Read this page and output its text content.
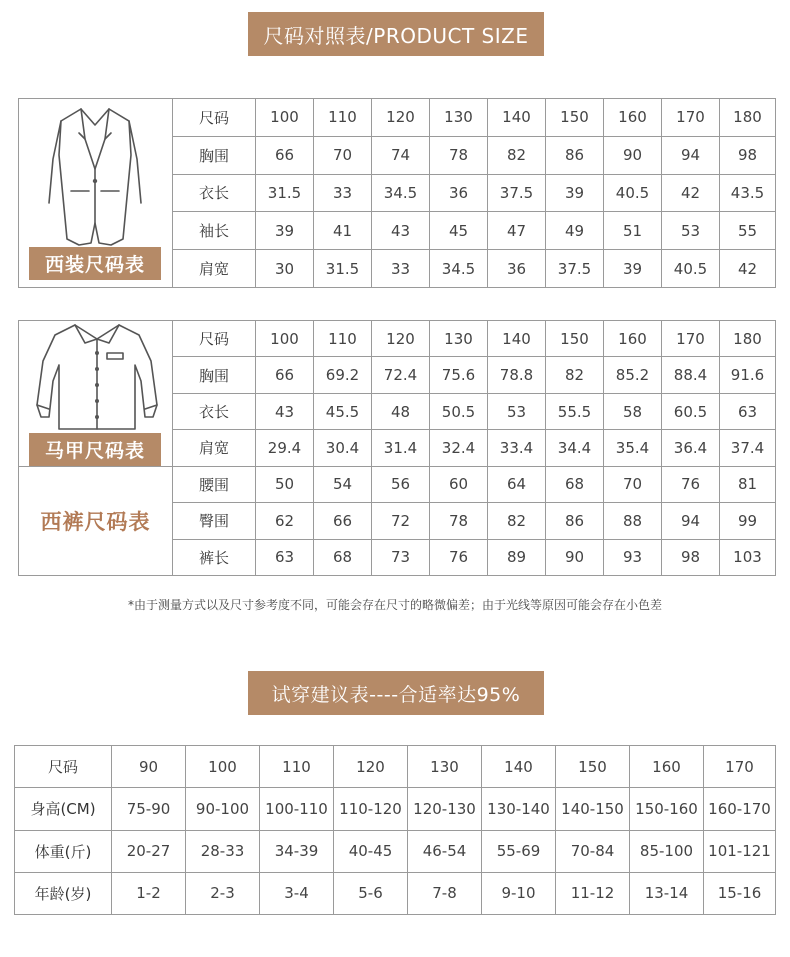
尺码对照表/PRODUCT SIZE
西装尺码表	尺码	100	110	120	130	140	150	160	170	180
	胸围	66	70	74	78	82	86	90	94	98
	衣长	31.5	33	34.5	36	37.5	39	40.5	42	43.5
	袖长	39	41	43	45	47	49	51	53	55
	肩宽	30	31.5	33	34.5	36	37.5	39	40.5	42
马甲尺码表	尺码	100	110	120	130	140	150	160	170	180
	胸围	66	69.2	72.4	75.6	78.8	82	85.2	88.4	91.6
	衣长	43	45.5	48	50.5	53	55.5	58	60.5	63
	肩宽	29.4	30.4	31.4	32.4	33.4	34.4	35.4	36.4	37.4
西裤尺码表	腰围	50	54	56	60	64	68	70	76	81
	臀围	62	66	72	78	82	86	88	94	99
	裤长	63	68	73	76	89	90	93	98	103
*由于测量方式以及尺寸参考度不同，可能会存在尺寸的略微偏差；由于光线等原因可能会存在小色差
试穿建议表----合适率达95%
尺码	90	100	110	120	130	140	150	160	170
身高(CM)	75-90	90-100	100-110	110-120	120-130	130-140	140-150	150-160	160-170
体重(斤)	20-27	28-33	34-39	40-45	46-54	55-69	70-84	85-100	101-121
年龄(岁)	1-2	2-3	3-4	5-6	7-8	9-10	11-12	13-14	15-16
